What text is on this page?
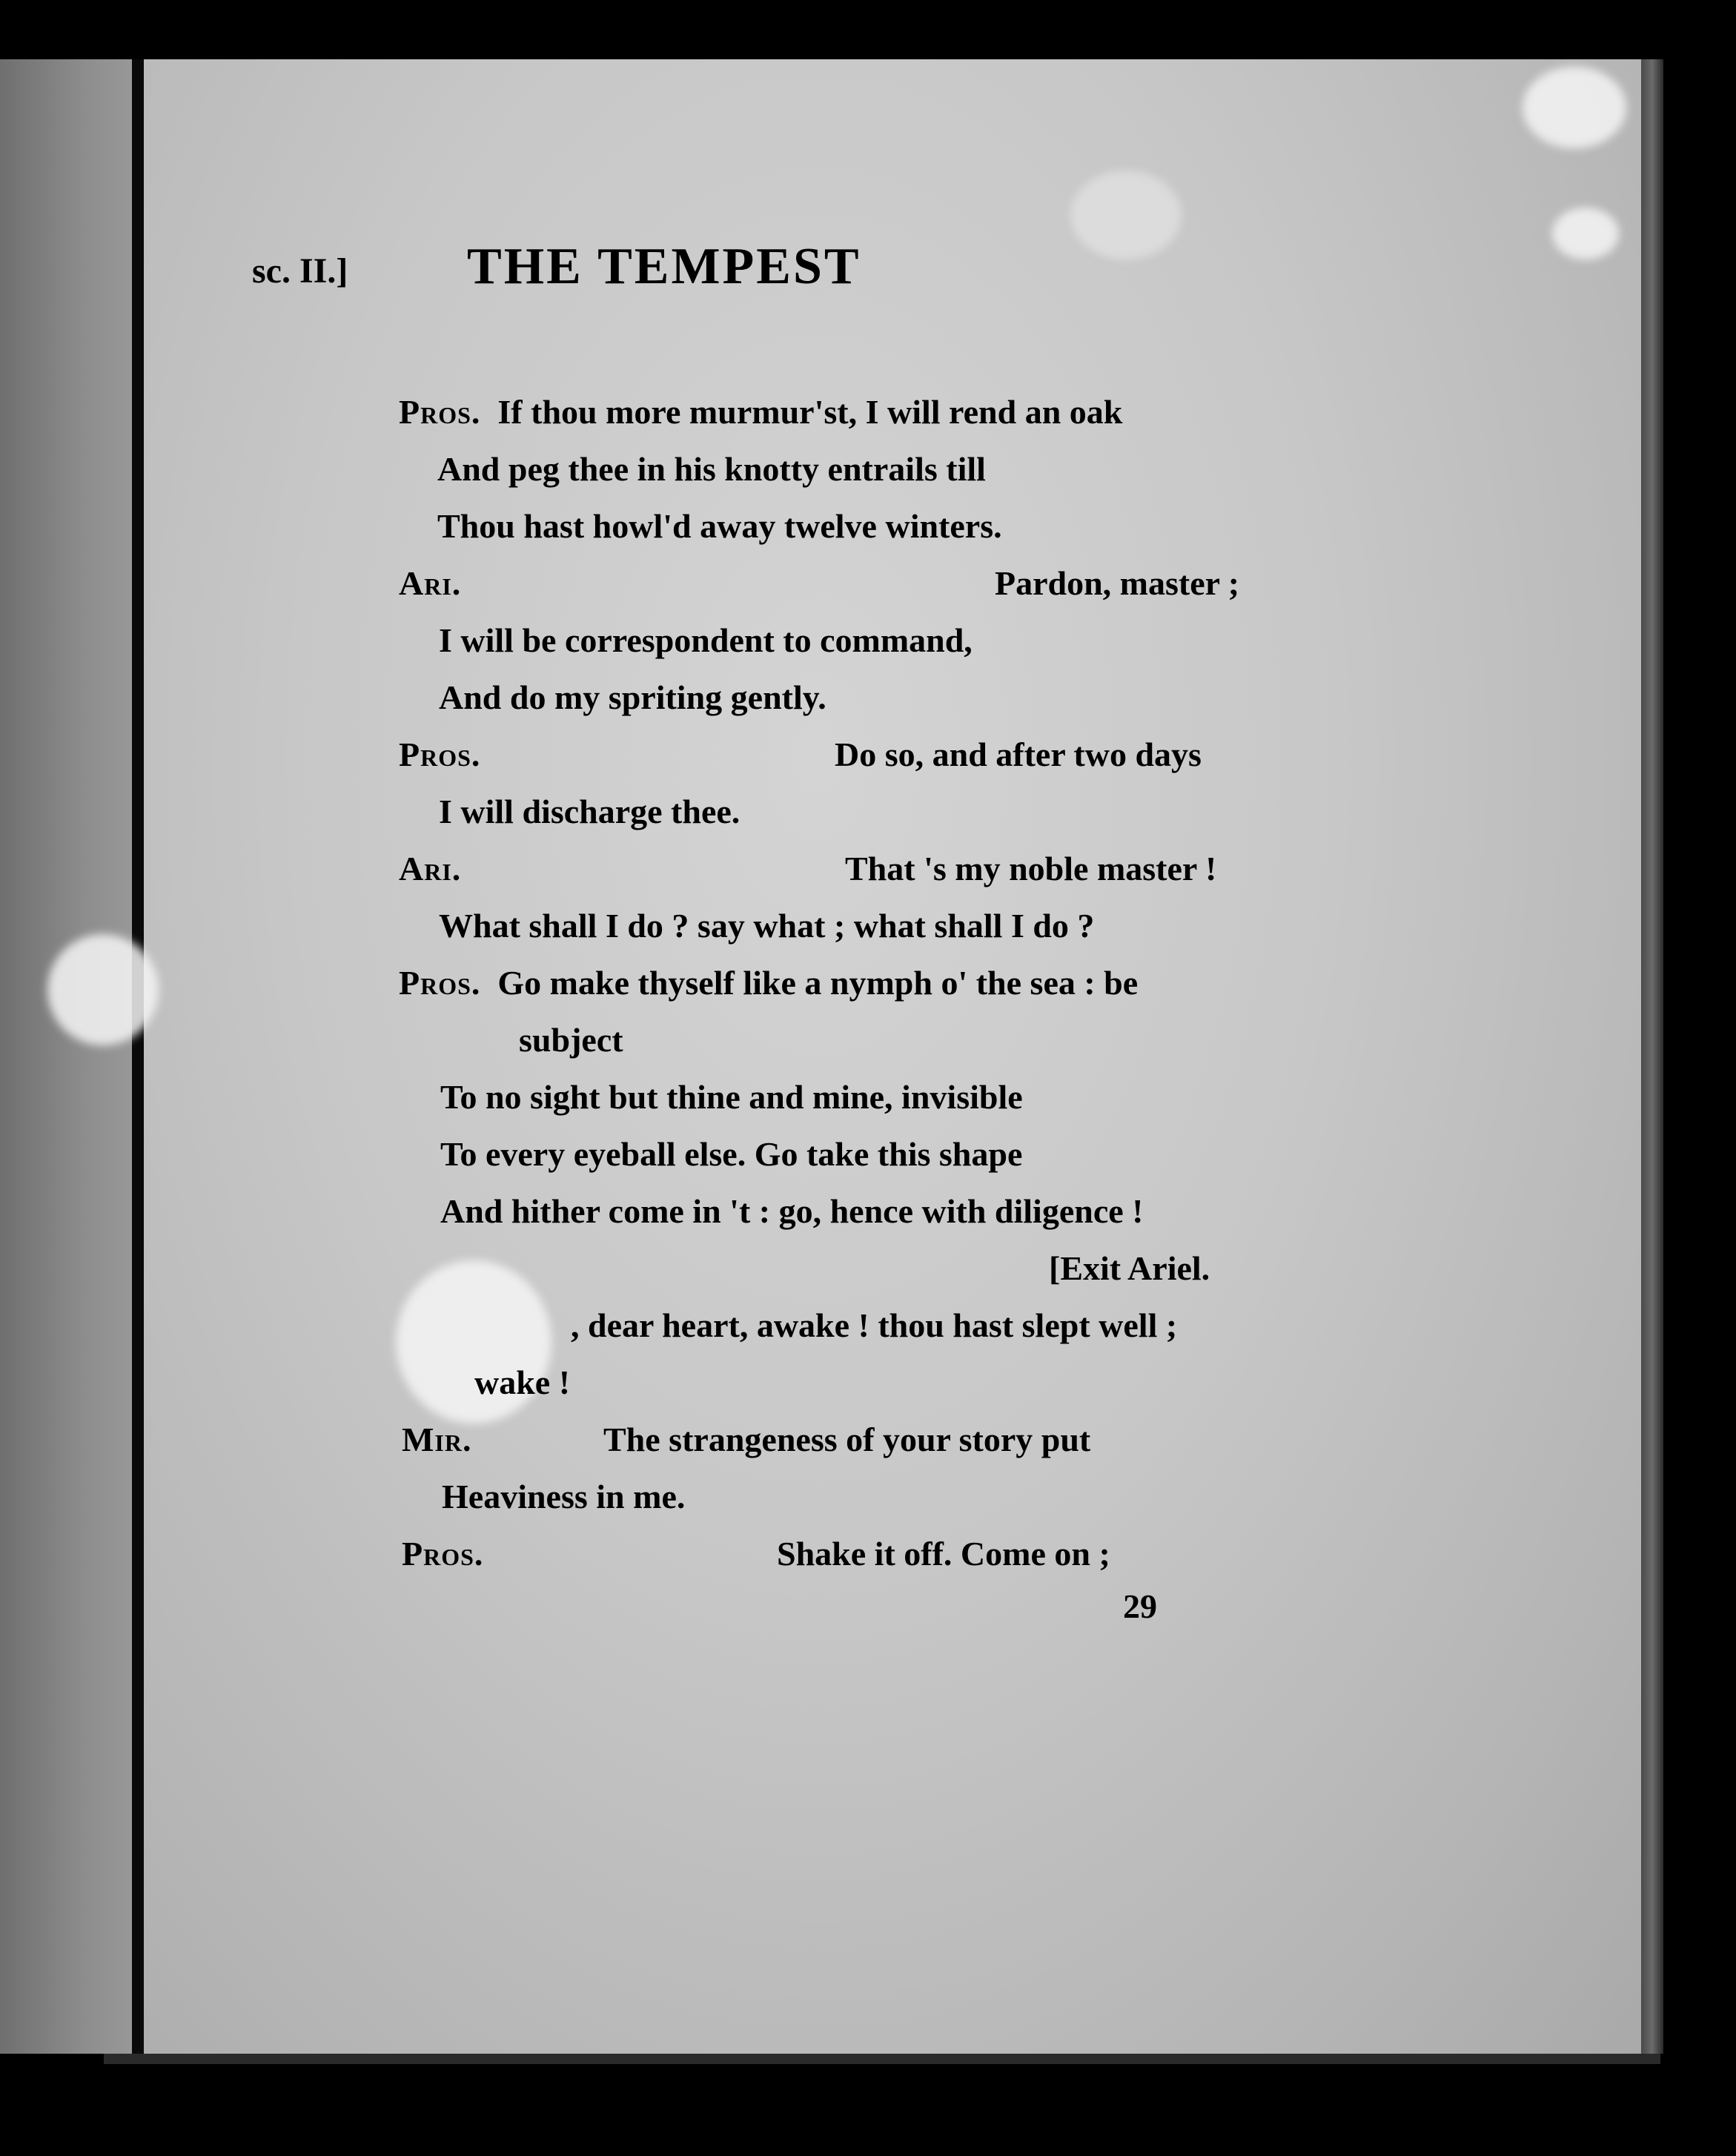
sc. II.] THE TEMPEST
Pros. If thou more murmur'st, I will rend an oak
And peg thee in his knotty entrails till
Thou hast howl'd away twelve winters.
Ari.	Pardon, master ;
I will be correspondent to command,
And do my spriting gently.
Pros.	Do so, and after two days
I will discharge thee.
Ari.	That 's my noble master !
What shall I do ? say what ; what shall I do ?
Pros. Go make thyself like a nymph o' the sea : be
subject
To no sight but thine and mine, invisible
To every eyeball else. Go take this shape
And hither come in 't : go, hence with diligence !
[Exit Ariel.
, dear heart, awake ! thou hast slept well ;
wake !
Mir.	The strangeness of your story put
Heaviness in me.
Pros.	Shake it off. Come on ;
29
